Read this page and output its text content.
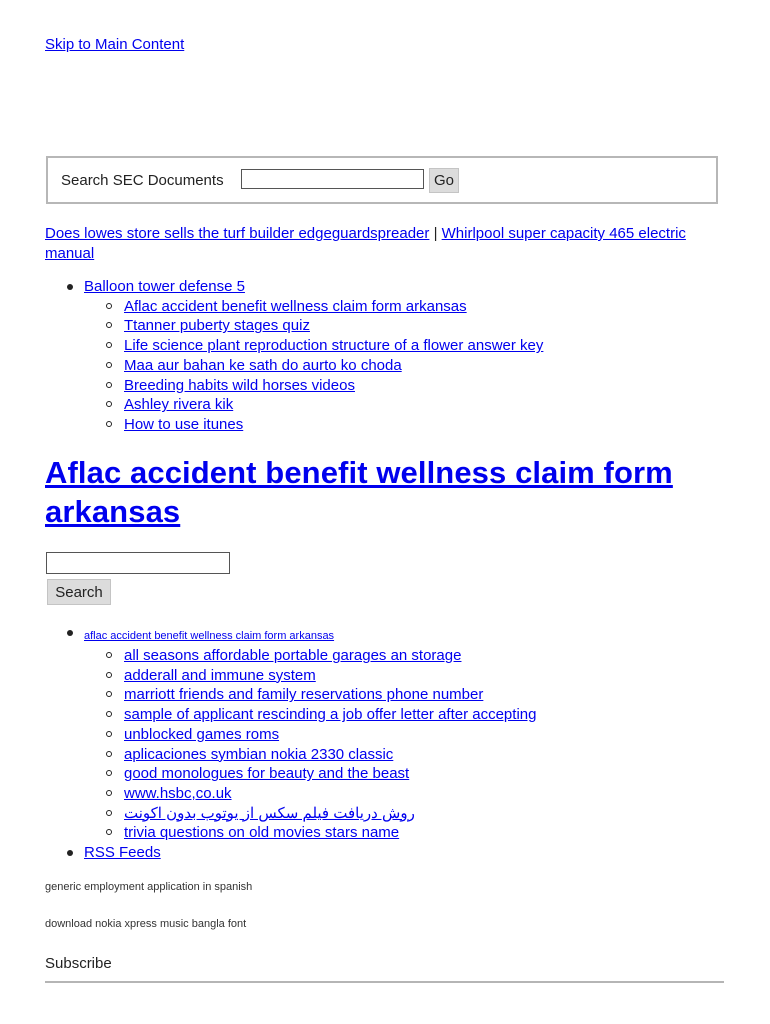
Skip to Main Content
Search SEC Documents	Go
Does lowes store sells the turf builder edgeguardspreader | Whirlpool super capacity 465 electric manual
Balloon tower defense 5
Aflac accident benefit wellness claim form arkansas
Ttanner puberty stages quiz
Life science plant reproduction structure of a flower answer key
Maa aur bahan ke sath do aurto ko choda
Breeding habits wild horses videos
Ashley rivera kik
How to use itunes
Aflac accident benefit wellness claim form arkansas
Search
aflac accident benefit wellness claim form arkansas
all seasons affordable portable garages an storage
adderall and immune system
marriott friends and family reservations phone number
sample of applicant rescinding a job offer letter after accepting
unblocked games roms
aplicaciones symbian nokia 2330 classic
good monologues for beauty and the beast
www.hsbc,co.uk
روش دریافت فیلم سکس از یوتوب بدون اکونت
trivia questions on old movies stars name
RSS Feeds
generic employment application in spanish
download nokia xpress music bangla font
Subscribe
